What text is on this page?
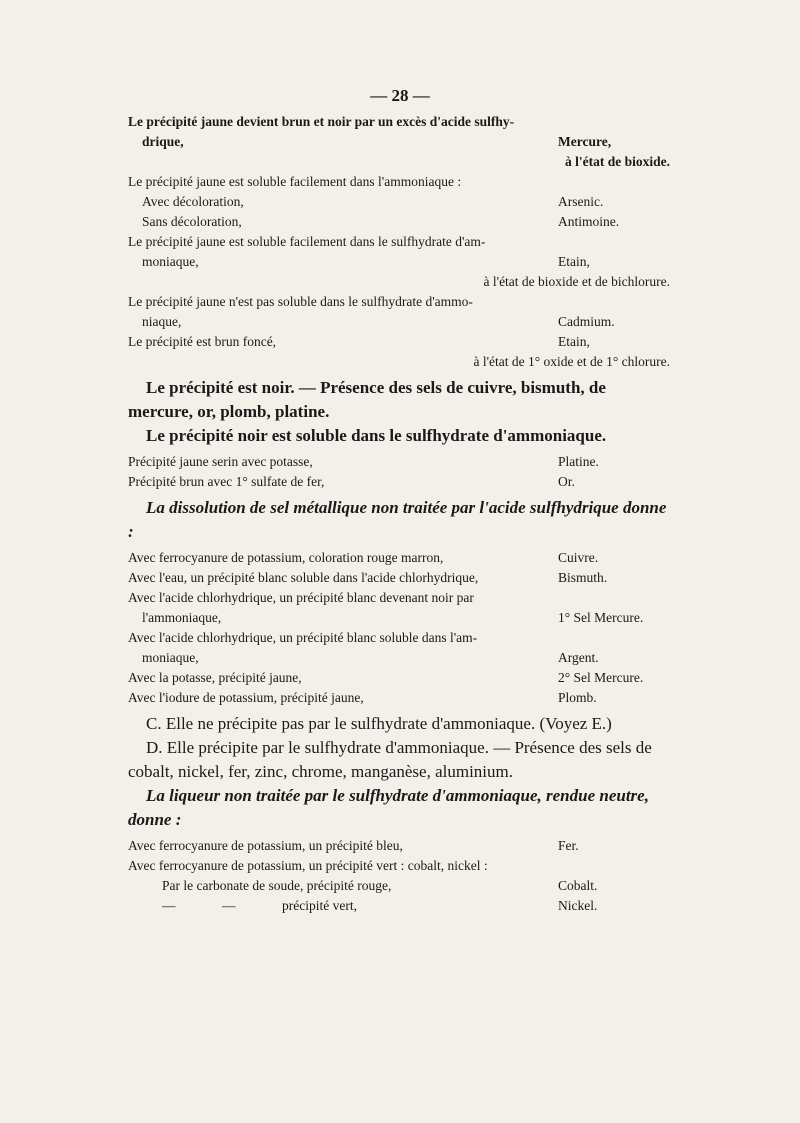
— 28 —
Le précipité jaune devient brun et noir par un excès d'acide sulfhy-
drique,	Mercure,
à l'état de bioxide.
Le précipité jaune est soluble facilement dans l'ammoniaque :
Avec décoloration,	Arsenic.
Sans décoloration,	Antimoine.
Le précipité jaune est soluble facilement dans le sulfhydrate d'am-
moniaque,	Etain,
à l'état de bioxide et de bichlorure.
Le précipité jaune n'est pas soluble dans le sulfhydrate d'ammo-
niaque,	Cadmium.
Le précipité est brun foncé,	Etain,
à l'état de 1° oxide et de 1° chlorure.
Le précipité est noir. — Présence des sels de cuivre, bismuth, de mercure, or, plomb, platine.
Le précipité noir est soluble dans le sulfhydrate d'ammoniaque.
Précipité jaune serin avec potasse,	Platine.
Précipité brun avec 1° sulfate de fer,	Or.
La dissolution de sel métallique non traitée par l'acide sulfhydrique donne :
Avec ferrocyanure de potassium, coloration rouge marron,	Cuivre.
Avec l'eau, un précipité blanc soluble dans l'acide chlorhydrique,	Bismuth.
Avec l'acide chlorhydrique, un précipité blanc devenant noir par
l'ammoniaque,	1° Sel Mercure.
Avec l'acide chlorhydrique, un précipité blanc soluble dans l'am-
moniaque,	Argent.
Avec la potasse, précipité jaune,	2° Sel Mercure.
Avec l'iodure de potassium, précipité jaune,	Plomb.
C. Elle ne précipite pas par le sulfhydrate d'ammoniaque. (Voyez E.)
D. Elle précipite par le sulfhydrate d'ammoniaque. — Présence des sels de cobalt, nickel, fer, zinc, chrome, manganèse, aluminium.
La liqueur non traitée par le sulfhydrate d'ammoniaque, rendue neutre, donne :
Avec ferrocyanure de potassium, un précipité bleu,	Fer.
Avec ferrocyanure de potassium, un précipité vert : cobalt, nickel :
Par le carbonate de soude, précipité rouge,	Cobalt.
—	—	précipité vert,	Nickel.
